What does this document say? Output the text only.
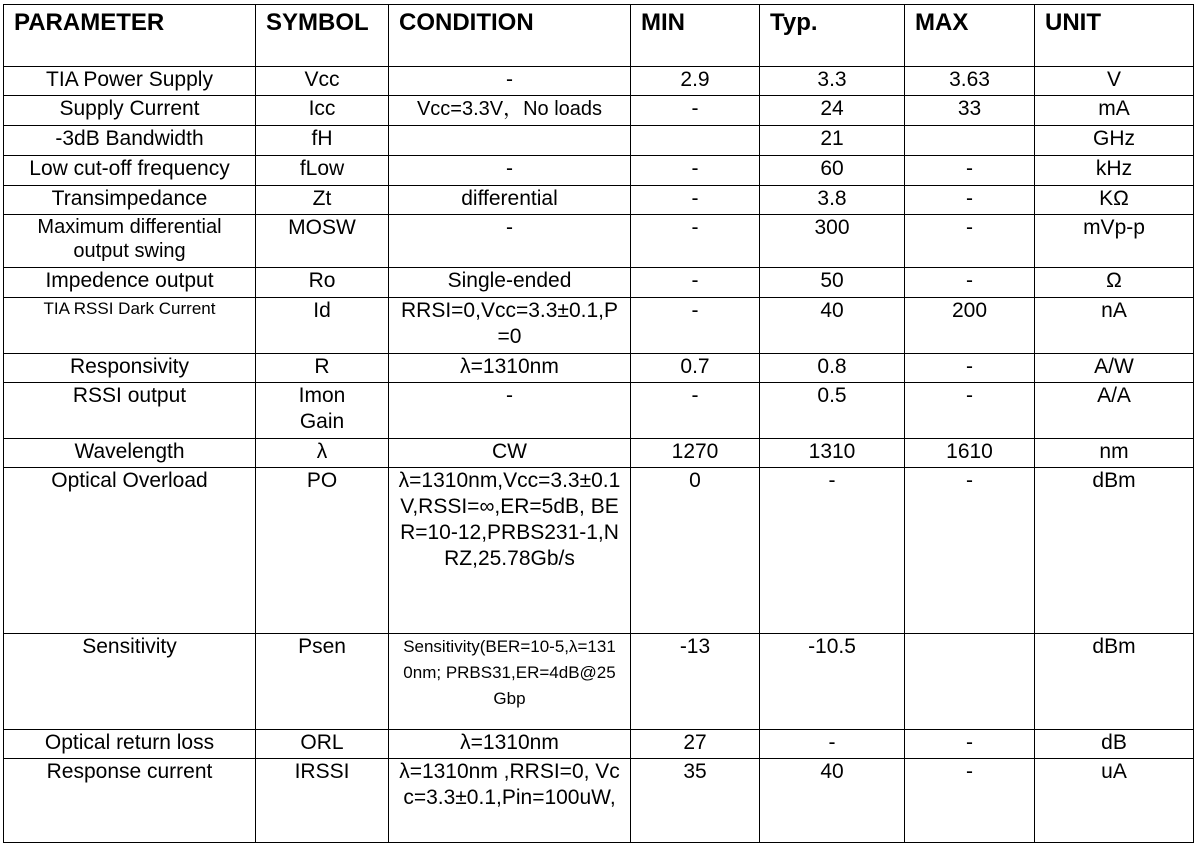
PARAMETER	SYMBOL	CONDITION	MIN	Typ.	MAX	UNIT
TIA Power Supply	Vcc	-	2.9	3.3	3.63	V
Supply Current	Icc	Vcc=3.3V，No loads	-	24	33	mA
-3dB Bandwidth	fH			21		GHz
Low cut-off frequency	fLow	-	-	60	-	kHz
Transimpedance	Zt	differential	-	3.8	-	KΩ
Maximum differential output swing	MOSW	-	-	300	-	mVp-p
Impedence output	Ro	Single-ended	-	50	-	Ω
TIA RSSI Dark Current	Id	RRSI=0,Vcc=3.3±0.1,P=0	-	40	200	nA
Responsivity	R	λ=1310nm	0.7	0.8	-	A/W
RSSI output	Imon Gain	-	-	0.5	-	A/A
Wavelength	λ	CW	1270	1310	1610	nm
Optical Overload	PO	λ=1310nm,Vcc=3.3±0.1V,RSSI=∞,ER=5dB, BER=10-12,PRBS231-1,NRZ,25.78Gb/s	0	-	-	dBm
Sensitivity	Psen	Sensitivity(BER=10-5,λ=1310nm; PRBS31,ER=4dB@25Gbp	-13	-10.5		dBm
Optical return loss	ORL	λ=1310nm	27	-	-	dB
Response current	IRSSI	λ=1310nm ,RRSI=0, Vcc=3.3±0.1,Pin=100uW,	35	40	-	uA
